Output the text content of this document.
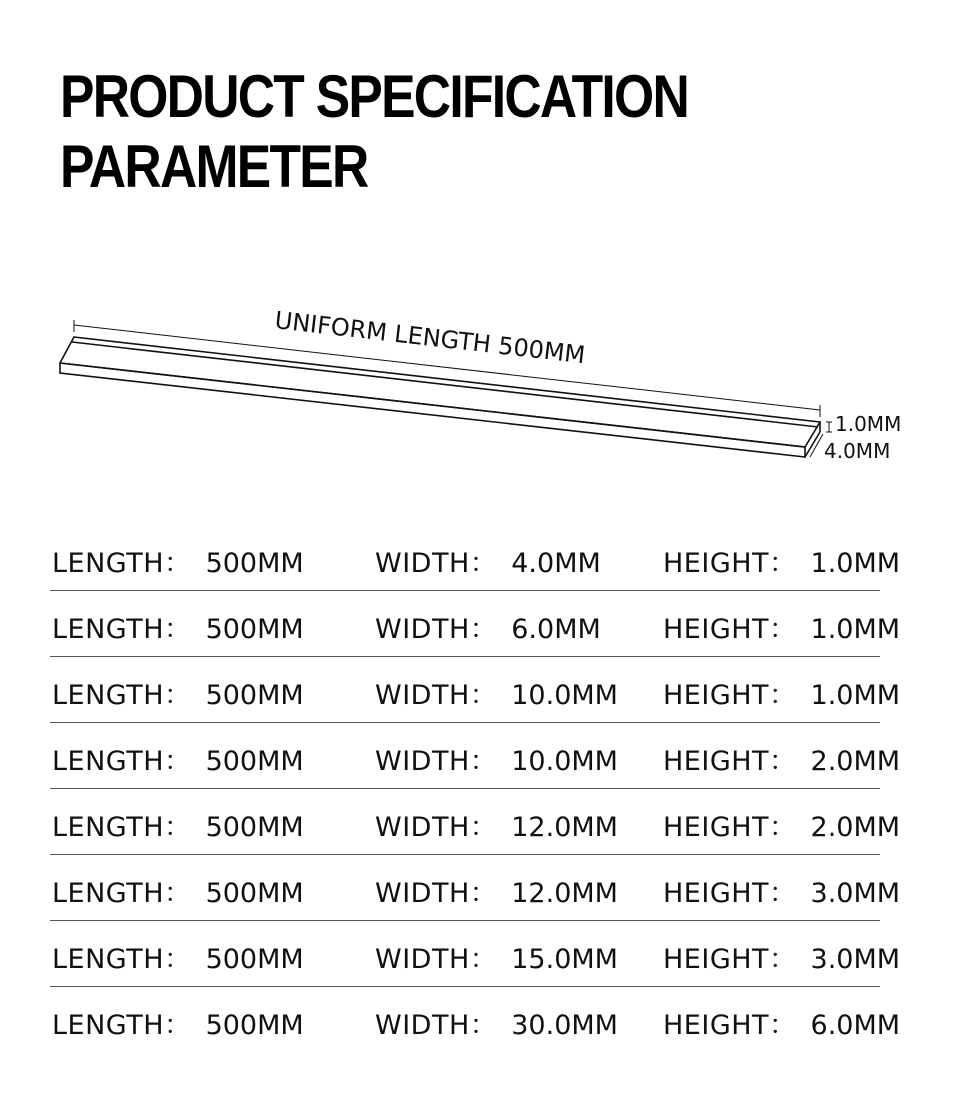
PRODUCT SPECIFICATION
PARAMETER
UNIFORM LENGTH 500MM
1.0MM
4.0MM
LENGTH： 500MM	WIDTH： 4.0MM HEIGHT： 1.0MM
LENGTH： 500MM	WIDTH： 6.0MM HEIGHT： 1.0MM
LENGTH： 500MM	WIDTH： 10.0MM HEIGHT： 1.0MM
LENGTH： 500MM	WIDTH： 10.0MM HEIGHT： 2.0MM
LENGTH： 500MM	WIDTH： 12.0MM HEIGHT： 2.0MM
LENGTH： 500MM	WIDTH： 12.0MM HEIGHT： 3.0MM
LENGTH： 500MM	WIDTH： 15.0MM HEIGHT： 3.0MM
LENGTH： 500MM	WIDTH： 30.0MM HEIGHT： 6.0MM
